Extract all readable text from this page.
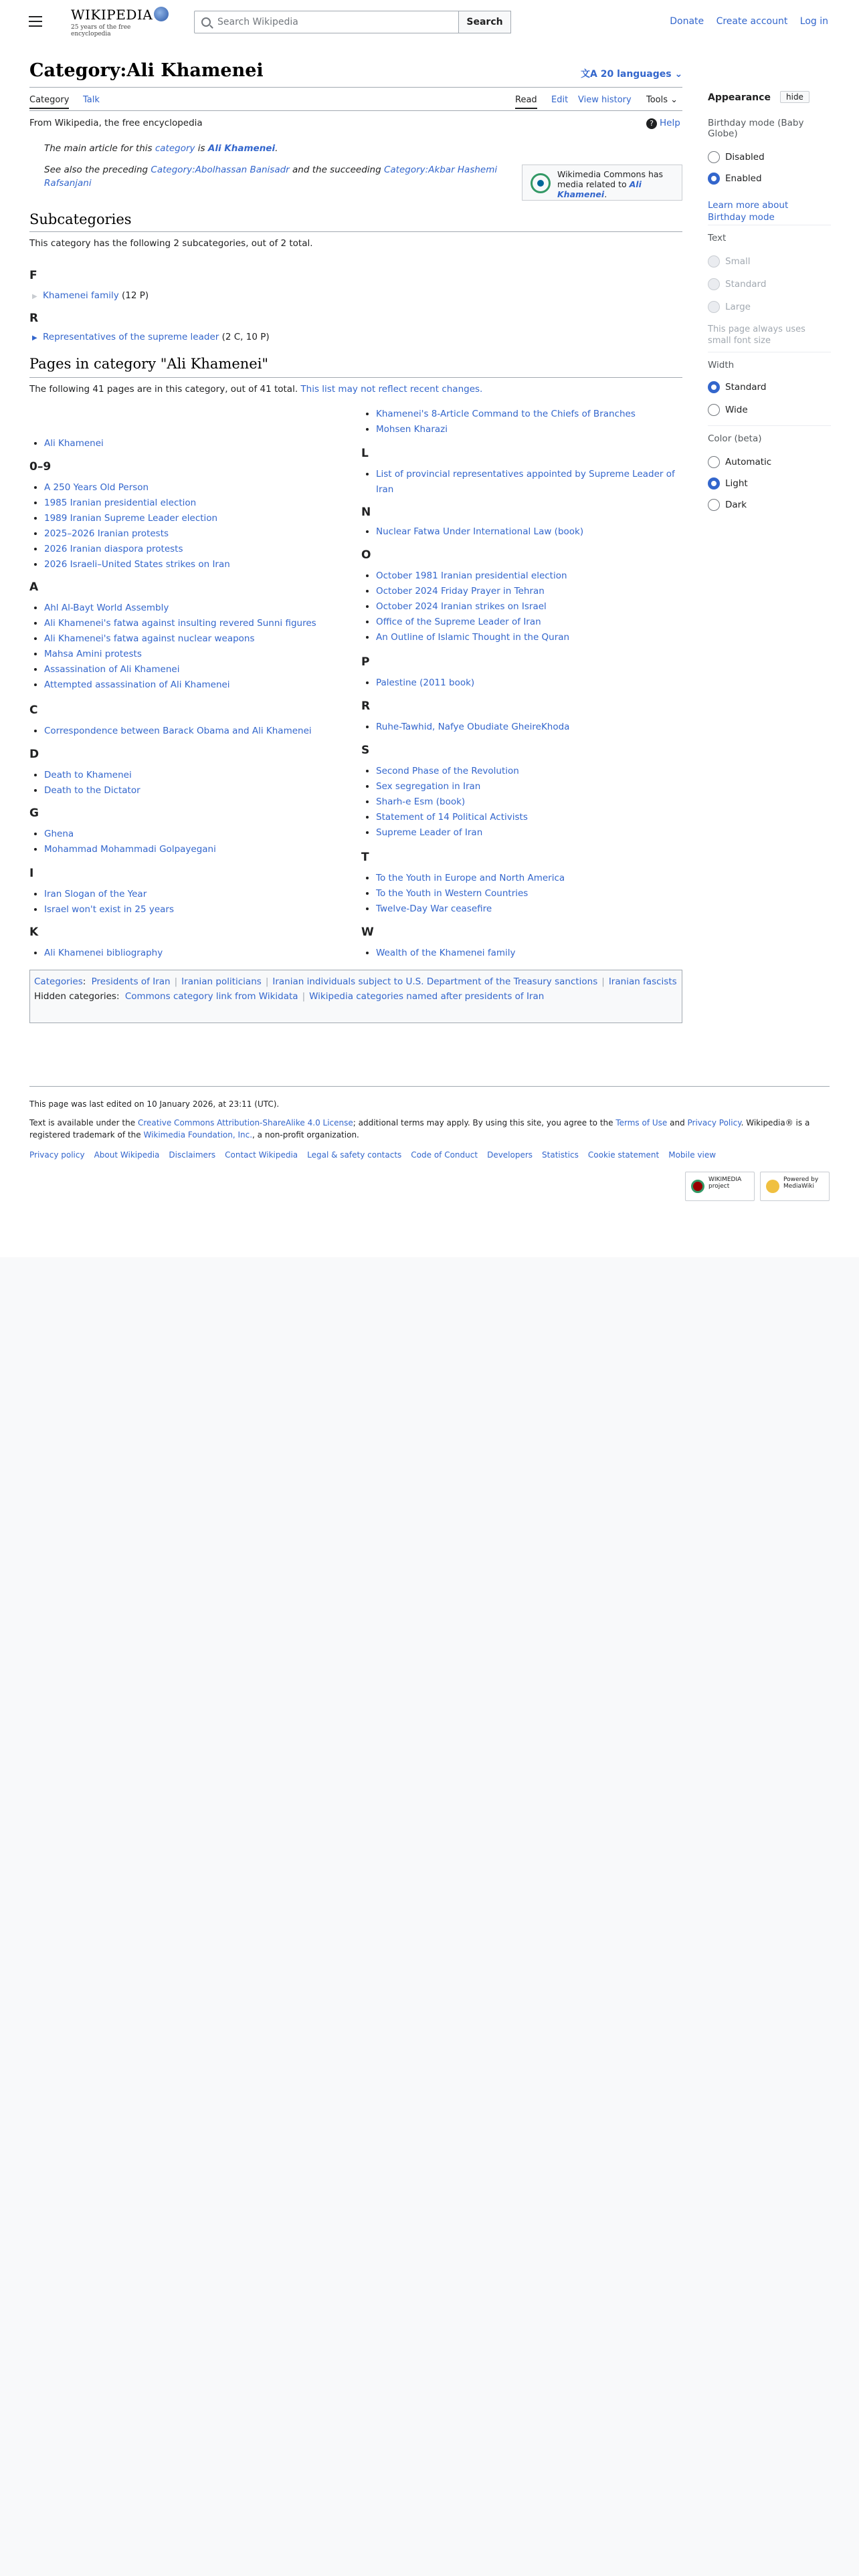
WIKIPEDIA
25 years of the free encyclopedia
Search Wikipedia	Search	Donate Create account Log in
Category:Ali Khamenei	文A 20 languages ⌄
Category Talk	Read Edit View history Tools ⌄
From Wikipedia, the free encyclopedia	? Help
The main article for this category is Ali Khamenei.
See also the preceding Category:Abolhassan Banisadr and the succeeding Category:Akbar Hashemi
Rafsanjani
Wikimedia Commons has media related to Ali Khamenei.
Subcategories
This category has the following 2 subcategories, out of 2 total.
F
▶ Khamenei family (12 P)
R
▶ Representatives of the supreme leader (2 C, 10 P)
Pages in category "Ali Khamenei"
The following 41 pages are in this category, out of 41 total. This list may not reflect recent changes.
• Ali Khamenei
0–9
• A 250 Years Old Person
• 1985 Iranian presidential election
• 1989 Iranian Supreme Leader election
• 2025–2026 Iranian protests
• 2026 Iranian diaspora protests
• 2026 Israeli–United States strikes on Iran
A
• Ahl Al-Bayt World Assembly
• Ali Khamenei's fatwa against insulting revered Sunni figures
• Ali Khamenei's fatwa against nuclear weapons
• Mahsa Amini protests
• Assassination of Ali Khamenei
• Attempted assassination of Ali Khamenei
C
• Correspondence between Barack Obama and Ali Khamenei
D
• Death to Khamenei
• Death to the Dictator
G
• Ghena
• Mohammad Mohammadi Golpayegani
I
• Iran Slogan of the Year
• Israel won't exist in 25 years
K
• Ali Khamenei bibliography
• Khamenei's 8-Article Command to the Chiefs of Branches
• Mohsen Kharazi
L
• List of provincial representatives appointed by Supreme Leader of Iran
N
• Nuclear Fatwa Under International Law (book)
O
• October 1981 Iranian presidential election
• October 2024 Friday Prayer in Tehran
• October 2024 Iranian strikes on Israel
• Office of the Supreme Leader of Iran
• An Outline of Islamic Thought in the Quran
P
• Palestine (2011 book)
R
• Ruhe-Tawhid, Nafye Obudiate GheireKhoda
S
• Second Phase of the Revolution
• Sex segregation in Iran
• Sharh-e Esm (book)
• Statement of 14 Political Activists
• Supreme Leader of Iran
T
• To the Youth in Europe and North America
• To the Youth in Western Countries
• Twelve-Day War ceasefire
W
• Wealth of the Khamenei family
Categories: Presidents of Iran | Iranian politicians | Iranian individuals subject to U.S. Department of the Treasury sanctions | Iranian fascists
Hidden categories: Commons category link from Wikidata | Wikipedia categories named after presidents of Iran
This page was last edited on 10 January 2026, at 23:11 (UTC).
Text is available under the Creative Commons Attribution-ShareAlike 4.0 License; additional terms may apply. By using this site, you agree to the Terms of Use and Privacy Policy. Wikipedia® is a registered trademark of the Wikimedia Foundation, Inc., a non-profit organization.
Privacy policy About Wikipedia Disclaimers Contact Wikipedia Legal & safety contacts Code of Conduct Developers Statistics Cookie statement Mobile view
WIKIMEDIA project
Powered by MediaWiki
Appearance	hide
Birthday mode (Baby Globe)
Disabled
Enabled
Learn more about Birthday mode
Text
Small
Standard
Large
This page always uses small font size
Width
Standard
Wide
Color (beta)
Automatic
Light
Dark
